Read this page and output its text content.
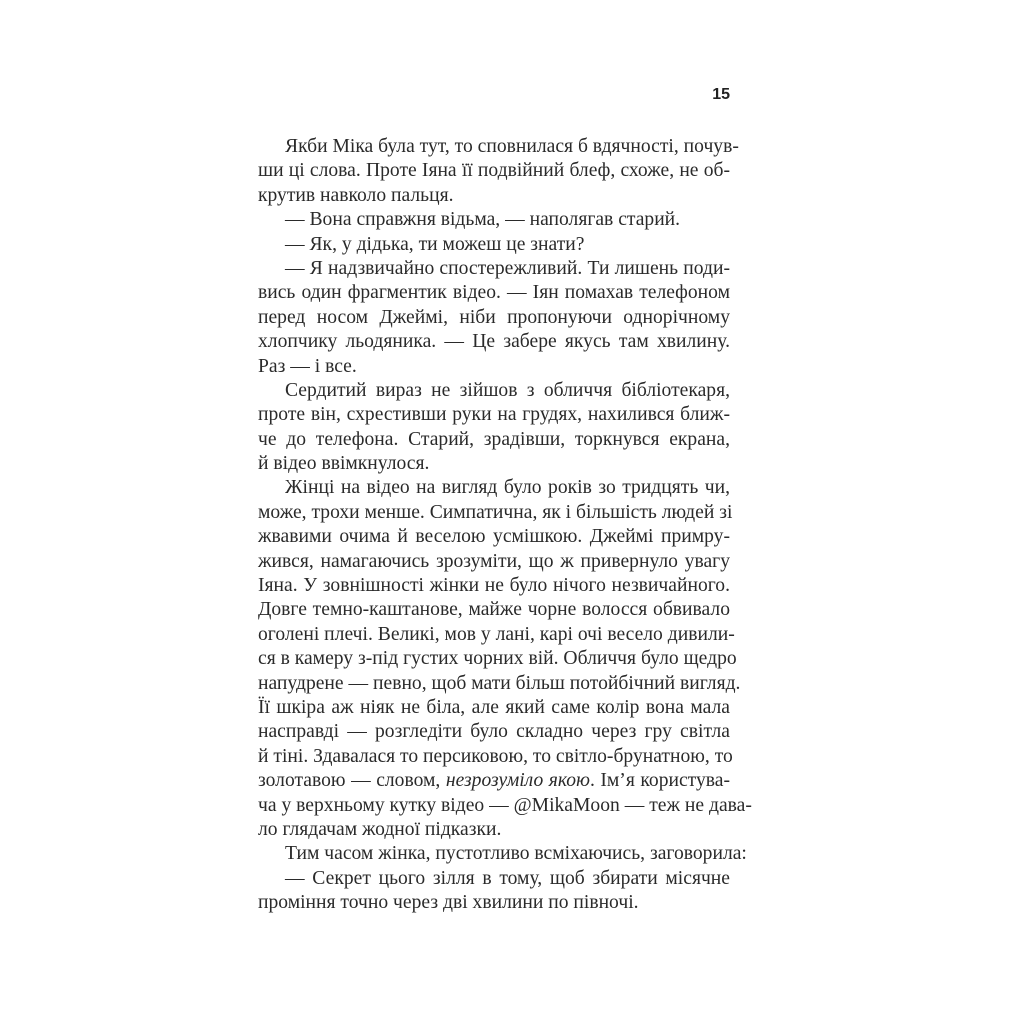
15
Якби Міка була тут, то сповнилася б вдячності, почув-
ши ці слова. Проте Іяна її подвійний блеф, схоже, не об-
крутив навколо пальця.
— Вона справжня відьма, — наполягав старий.
— Як, у дідька, ти можеш це знати?
— Я надзвичайно спостережливий. Ти лишень поди-
вись один фрагментик відео. — Іян помахав телефоном
перед носом Джеймі, ніби пропонуючи однорічному
хлопчику льодяника. — Це забере якусь там хвилину.
Раз — і все.
Сердитий вираз не зійшов з обличчя бібліотекаря,
проте він, схрестивши руки на грудях, нахилився ближ-
че до телефона. Старий, зрадівши, торкнувся екрана,
й відео ввімкнулося.
Жінці на відео на вигляд було років зо тридцять чи,
може, трохи менше. Симпатична, як і більшість людей зі
жвавими очима й веселою усмішкою. Джеймі примру-
жився, намагаючись зрозуміти, що ж привернуло увагу
Іяна. У зовнішності жінки не було нічого незвичайного.
Довге темно-каштанове, майже чорне волосся обвивало
оголені плечі. Великі, мов у лані, карі очі весело дивили-
ся в камеру з-під густих чорних вій. Обличчя було щедро
напудрене — певно, щоб мати більш потойбічний вигляд.
Її шкіра аж ніяк не біла, але який саме колір вона мала
насправді — розгледіти було складно через гру світла
й тіні. Здавалася то персиковою, то світло-брунатною, то
золотавою — словом, незрозуміло якою. Ім’я користува-
ча у верхньому кутку відео — @MikaMoon — теж не дава-
ло глядачам жодної підказки.
Тим часом жінка, пустотливо всміхаючись, заговорила:
— Секрет цього зілля в тому, щоб збирати місячне
проміння точно через дві хвилини по півночі.
